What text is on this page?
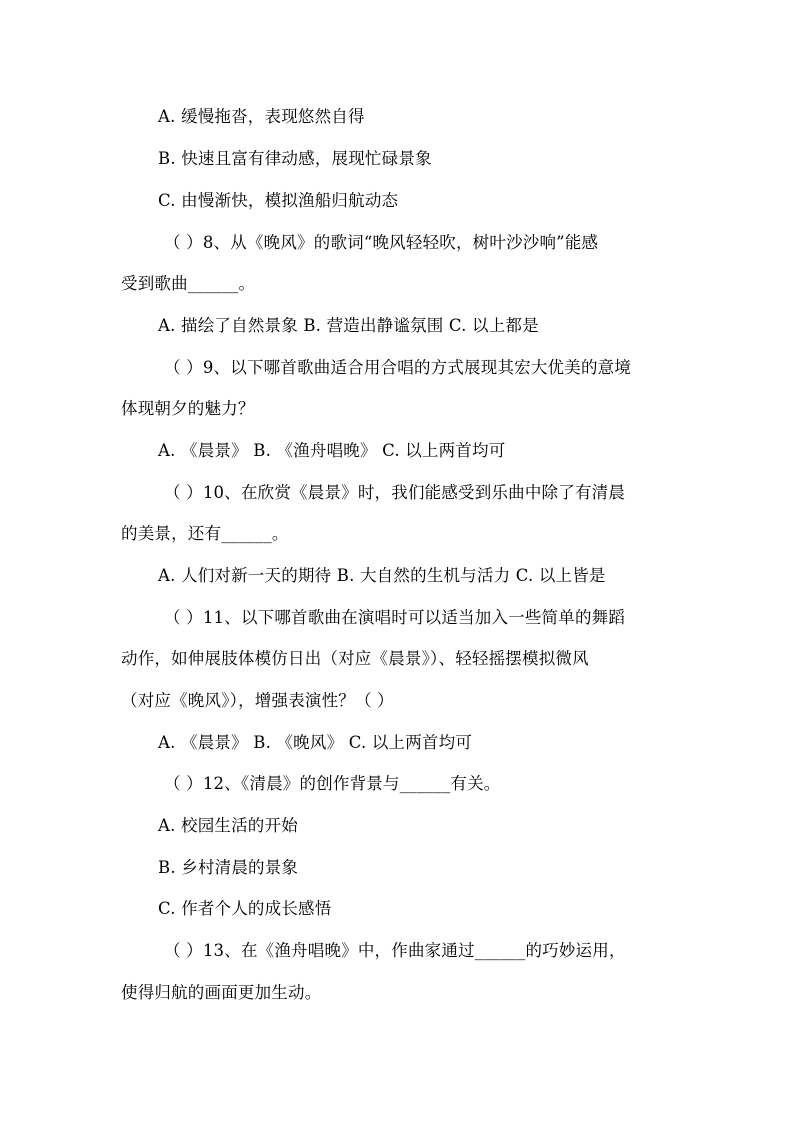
A. 缓慢拖沓，表现悠然自得
B. 快速且富有律动感，展现忙碌景象
C. 由慢渐快，模拟渔船归航动态
（ ）8、从《晚风》的歌词“晚风轻轻吹，树叶沙沙响”能感
受到歌曲______。
A. 描绘了自然景象 B. 营造出静谧氛围 C. 以上都是
（ ）9、以下哪首歌曲适合用合唱的方式展现其宏大优美的意境
体现朝夕的魅力？
A. 《晨景》 B. 《渔舟唱晚》 C. 以上两首均可
（ ）10、在欣赏《晨景》时，我们能感受到乐曲中除了有清晨
的美景，还有______。
A. 人们对新一天的期待 B. 大自然的生机与活力 C. 以上皆是
（ ）11、以下哪首歌曲在演唱时可以适当加入一些简单的舞蹈
动作，如伸展肢体模仿日出（对应《晨景》）、轻轻摇摆模拟微风
（对应《晚风》），增强表演性？（ ）
A. 《晨景》 B. 《晚风》 C. 以上两首均可
（ ）12、《清晨》的创作背景与______有关。
A. 校园生活的开始
B. 乡村清晨的景象
C. 作者个人的成长感悟
（ ）13、在《渔舟唱晚》中，作曲家通过______的巧妙运用，
使得归航的画面更加生动。
